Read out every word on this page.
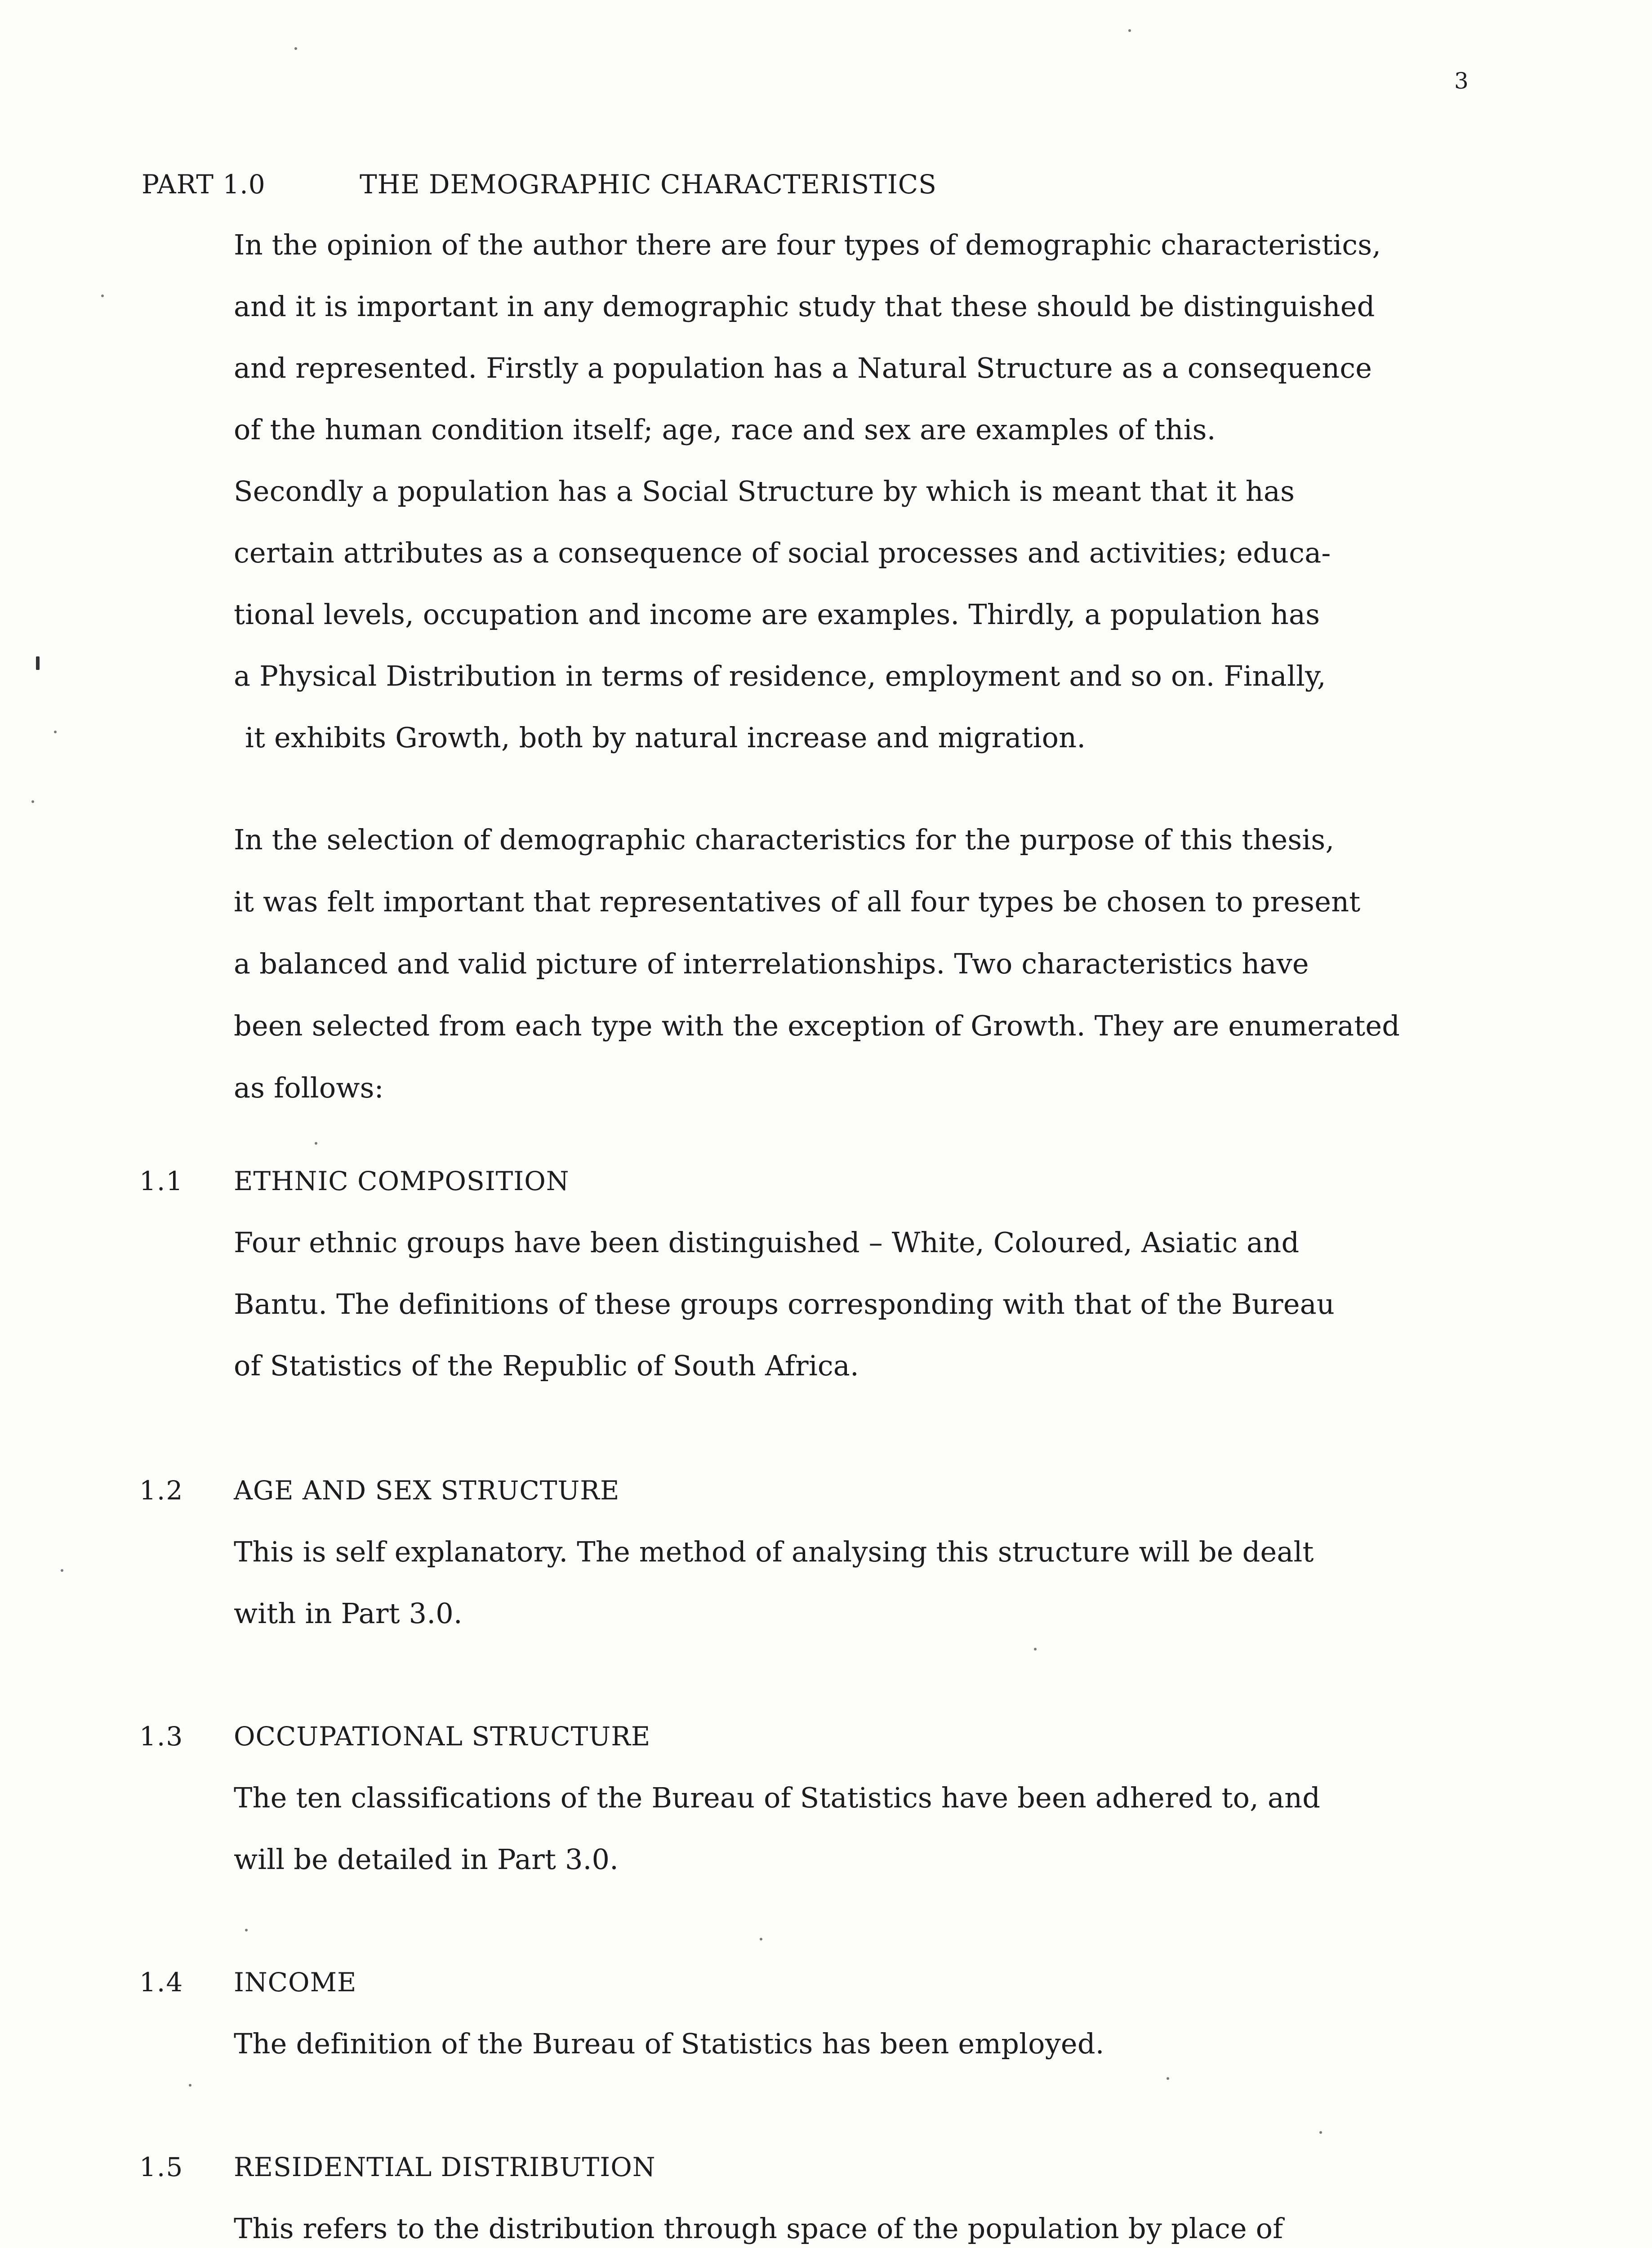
3
PART 1.0	THE DEMOGRAPHIC CHARACTERISTICS
In the opinion of the author there are four types of demographic characteristics,
and it is important in any demographic study that these should be distinguished
and represented. Firstly a population has a Natural Structure as a consequence
of the human condition itself; age, race and sex are examples of this.
Secondly a population has a Social Structure by which is meant that it has
certain attributes as a consequence of social processes and activities; educa-
tional levels, occupation and income are examples. Thirdly, a population has
a Physical Distribution in terms of residence, employment and so on. Finally,
it exhibits Growth, both by natural increase and migration.
In the selection of demographic characteristics for the purpose of this thesis,
it was felt important that representatives of all four types be chosen to present
a balanced and valid picture of interrelationships. Two characteristics have
been selected from each type with the exception of Growth. They are enumerated
as follows:
1.1 ETHNIC COMPOSITION
Four ethnic groups have been distinguished – White, Coloured, Asiatic and
Bantu. The definitions of these groups corresponding with that of the Bureau
of Statistics of the Republic of South Africa.
1.2 AGE AND SEX STRUCTURE
This is self explanatory. The method of analysing this structure will be dealt
with in Part 3.0.
1.3 OCCUPATIONAL STRUCTURE
The ten classifications of the Bureau of Statistics have been adhered to, and
will be detailed in Part 3.0.
1.4 INCOME
The definition of the Bureau of Statistics has been employed.
1.5 RESIDENTIAL DISTRIBUTION
This refers to the distribution through space of the population by place of
